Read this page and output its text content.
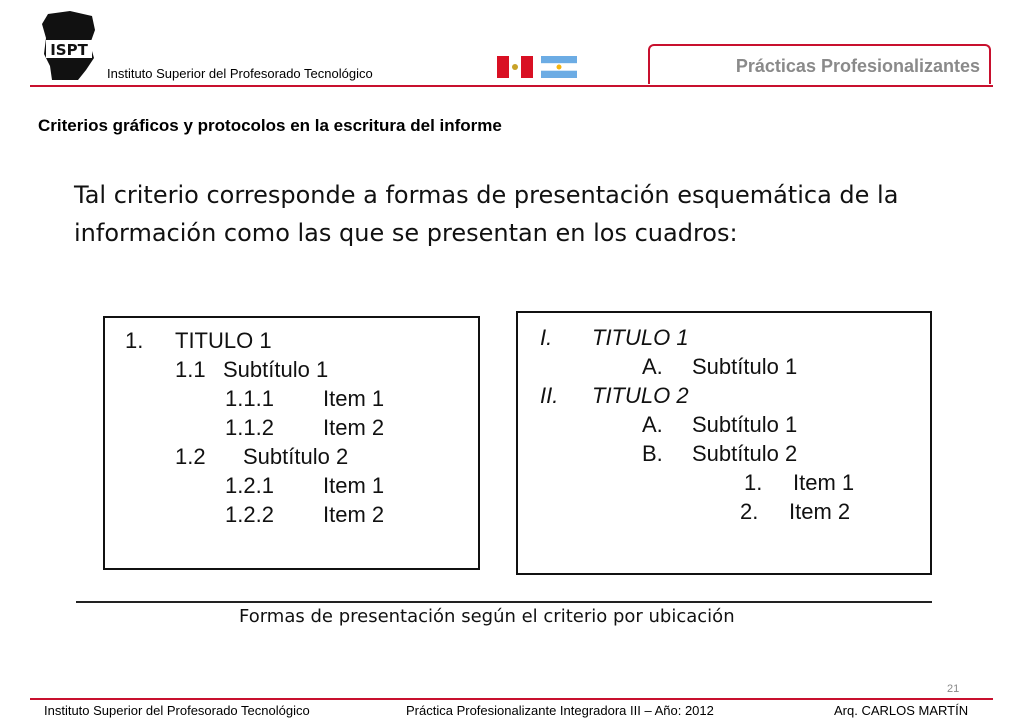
ISPT
Instituto Superior del Profesorado Tecnológico	Prácticas Profesionalizantes
Criterios gráficos y protocolos en la escritura del informe
Tal criterio corresponde a formas de presentación esquemática de la información como las que se presentan en los cuadros:
1. TITULO 1
1.1 Subtítulo 1
1.1.1 Item 1
1.1.2 Item 2
1.2 Subtítulo 2
1.2.1 Item 1
1.2.2 Item 2
I. TITULO 1
A. Subtítulo 1
II. TITULO 2
A. Subtítulo 1
B. Subtítulo 2
1. Item 1
2. Item 2
Formas de presentación según el criterio por ubicación
21
Instituto Superior del Profesorado Tecnológico	Práctica Profesionalizante Integradora III – Año: 2012	Arq. CARLOS MARTÍN
